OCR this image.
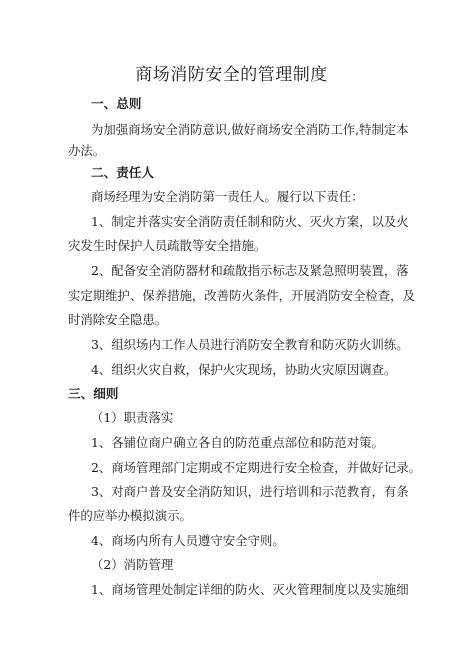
商场消防安全的管理制度
一、总则
为加强商场安全消防意识,做好商场安全消防工作,特制定本
办法。
二、责任人
商场经理为安全消防第一责任人。履行以下责任：
1、制定并落实安全消防责任制和防火、灭火方案，以及火
灾发生时保护人员疏散等安全措施。
2、配备安全消防器材和疏散指示标志及紧急照明装置，落
实定期维护、保养措施，改善防火条件，开展消防安全检查，及
时消除安全隐患。
3、组织场内工作人员进行消防安全教育和防灭防火训练。
4、组织火灾自救，保护火灾现场，协助火灾原因调查。
三、细则
（1）职责落实
1、各铺位商户确立各自的防范重点部位和防范对策。
2、商场管理部门定期或不定期进行安全检查，并做好记录。
3、对商户普及安全消防知识，进行培训和示范教育，有条
件的应举办模拟演示。
4、商场内所有人员遵守安全守则。
（2）消防管理
1、商场管理处制定详细的防火、灭火管理制度以及实施细
